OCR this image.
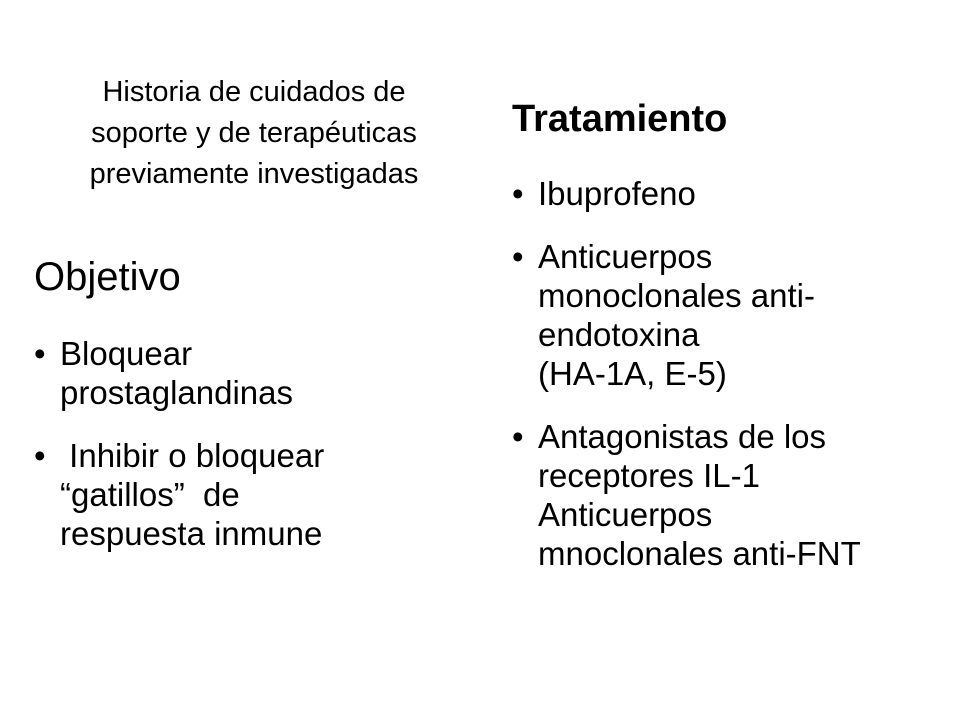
Historia de cuidados de
soporte y de terapéuticas
previamente investigadas
Objetivo
• Bloquear
prostaglandinas
• Inhibir o bloquear
“gatillos”  de
respuesta inmune
Tratamiento
• Ibuprofeno
• Anticuerpos
monoclonales anti-
endotoxina
(HA-1A, E-5)
• Antagonistas de los
receptores IL-1
Anticuerpos
mnoclonales anti-FNT
